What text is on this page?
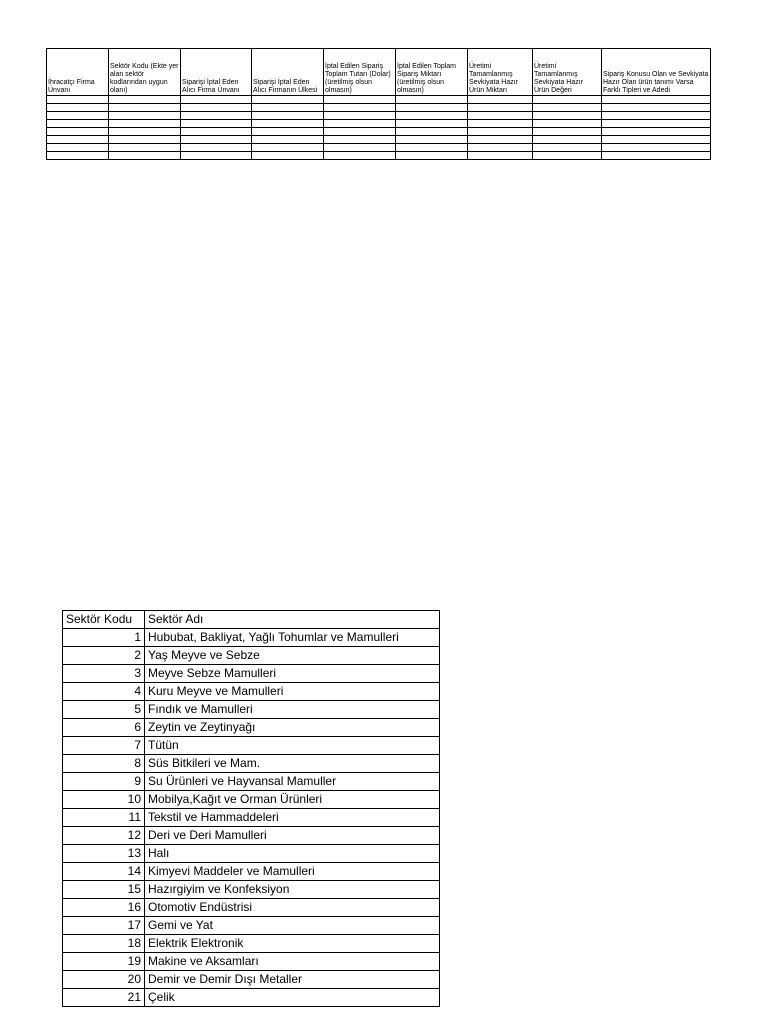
İhracatçı Firma Ünvanı	Sektör Kodu (Ekte yer alan sektör kodlarından uygun olanı)	Siparişi İptal Eden Alıcı Firma Ünvanı	Siparişi İptal Eden Alıcı Firmanın Ülkesi	İptal Edilen Sipariş Toplam Tutarı (Dolar) (üretilmiş olsun olmasın)	İptal Edilen Toplam Sipariş Miktarı (üretilmiş olsun olmasın)	Üretimi Tamamlanmış Sevkiyata Hazır Ürün Miktarı	Üretimi Tamamlanmış Sevkiyata Hazır Ürün Değeri	Sipariş Konusu Olan ve Sevkiyata Hazır Olan ürün tanımı Varsa Farklı Tipleri ve Adedi

Sektör Kodu	Sektör Adı
1	Hububat, Bakliyat, Yağlı Tohumlar ve Mamulleri
2	Yaş Meyve ve Sebze
3	Meyve Sebze Mamulleri
4	Kuru Meyve ve Mamulleri
5	Fındık ve Mamulleri
6	Zeytin ve Zeytinyağı
7	Tütün
8	Süs Bitkileri ve Mam.
9	Su Ürünleri ve Hayvansal Mamuller
10	Mobilya,Kağıt ve Orman Ürünleri
11	Tekstil ve Hammaddeleri
12	Deri ve Deri Mamulleri
13	Halı
14	Kimyevi Maddeler ve Mamulleri
15	Hazırgiyim ve Konfeksiyon
16	Otomotiv Endüstrisi
17	Gemi ve Yat
18	Elektrik Elektronik
19	Makine ve Aksamları
20	Demir ve Demir Dışı Metaller
21	Çelik
